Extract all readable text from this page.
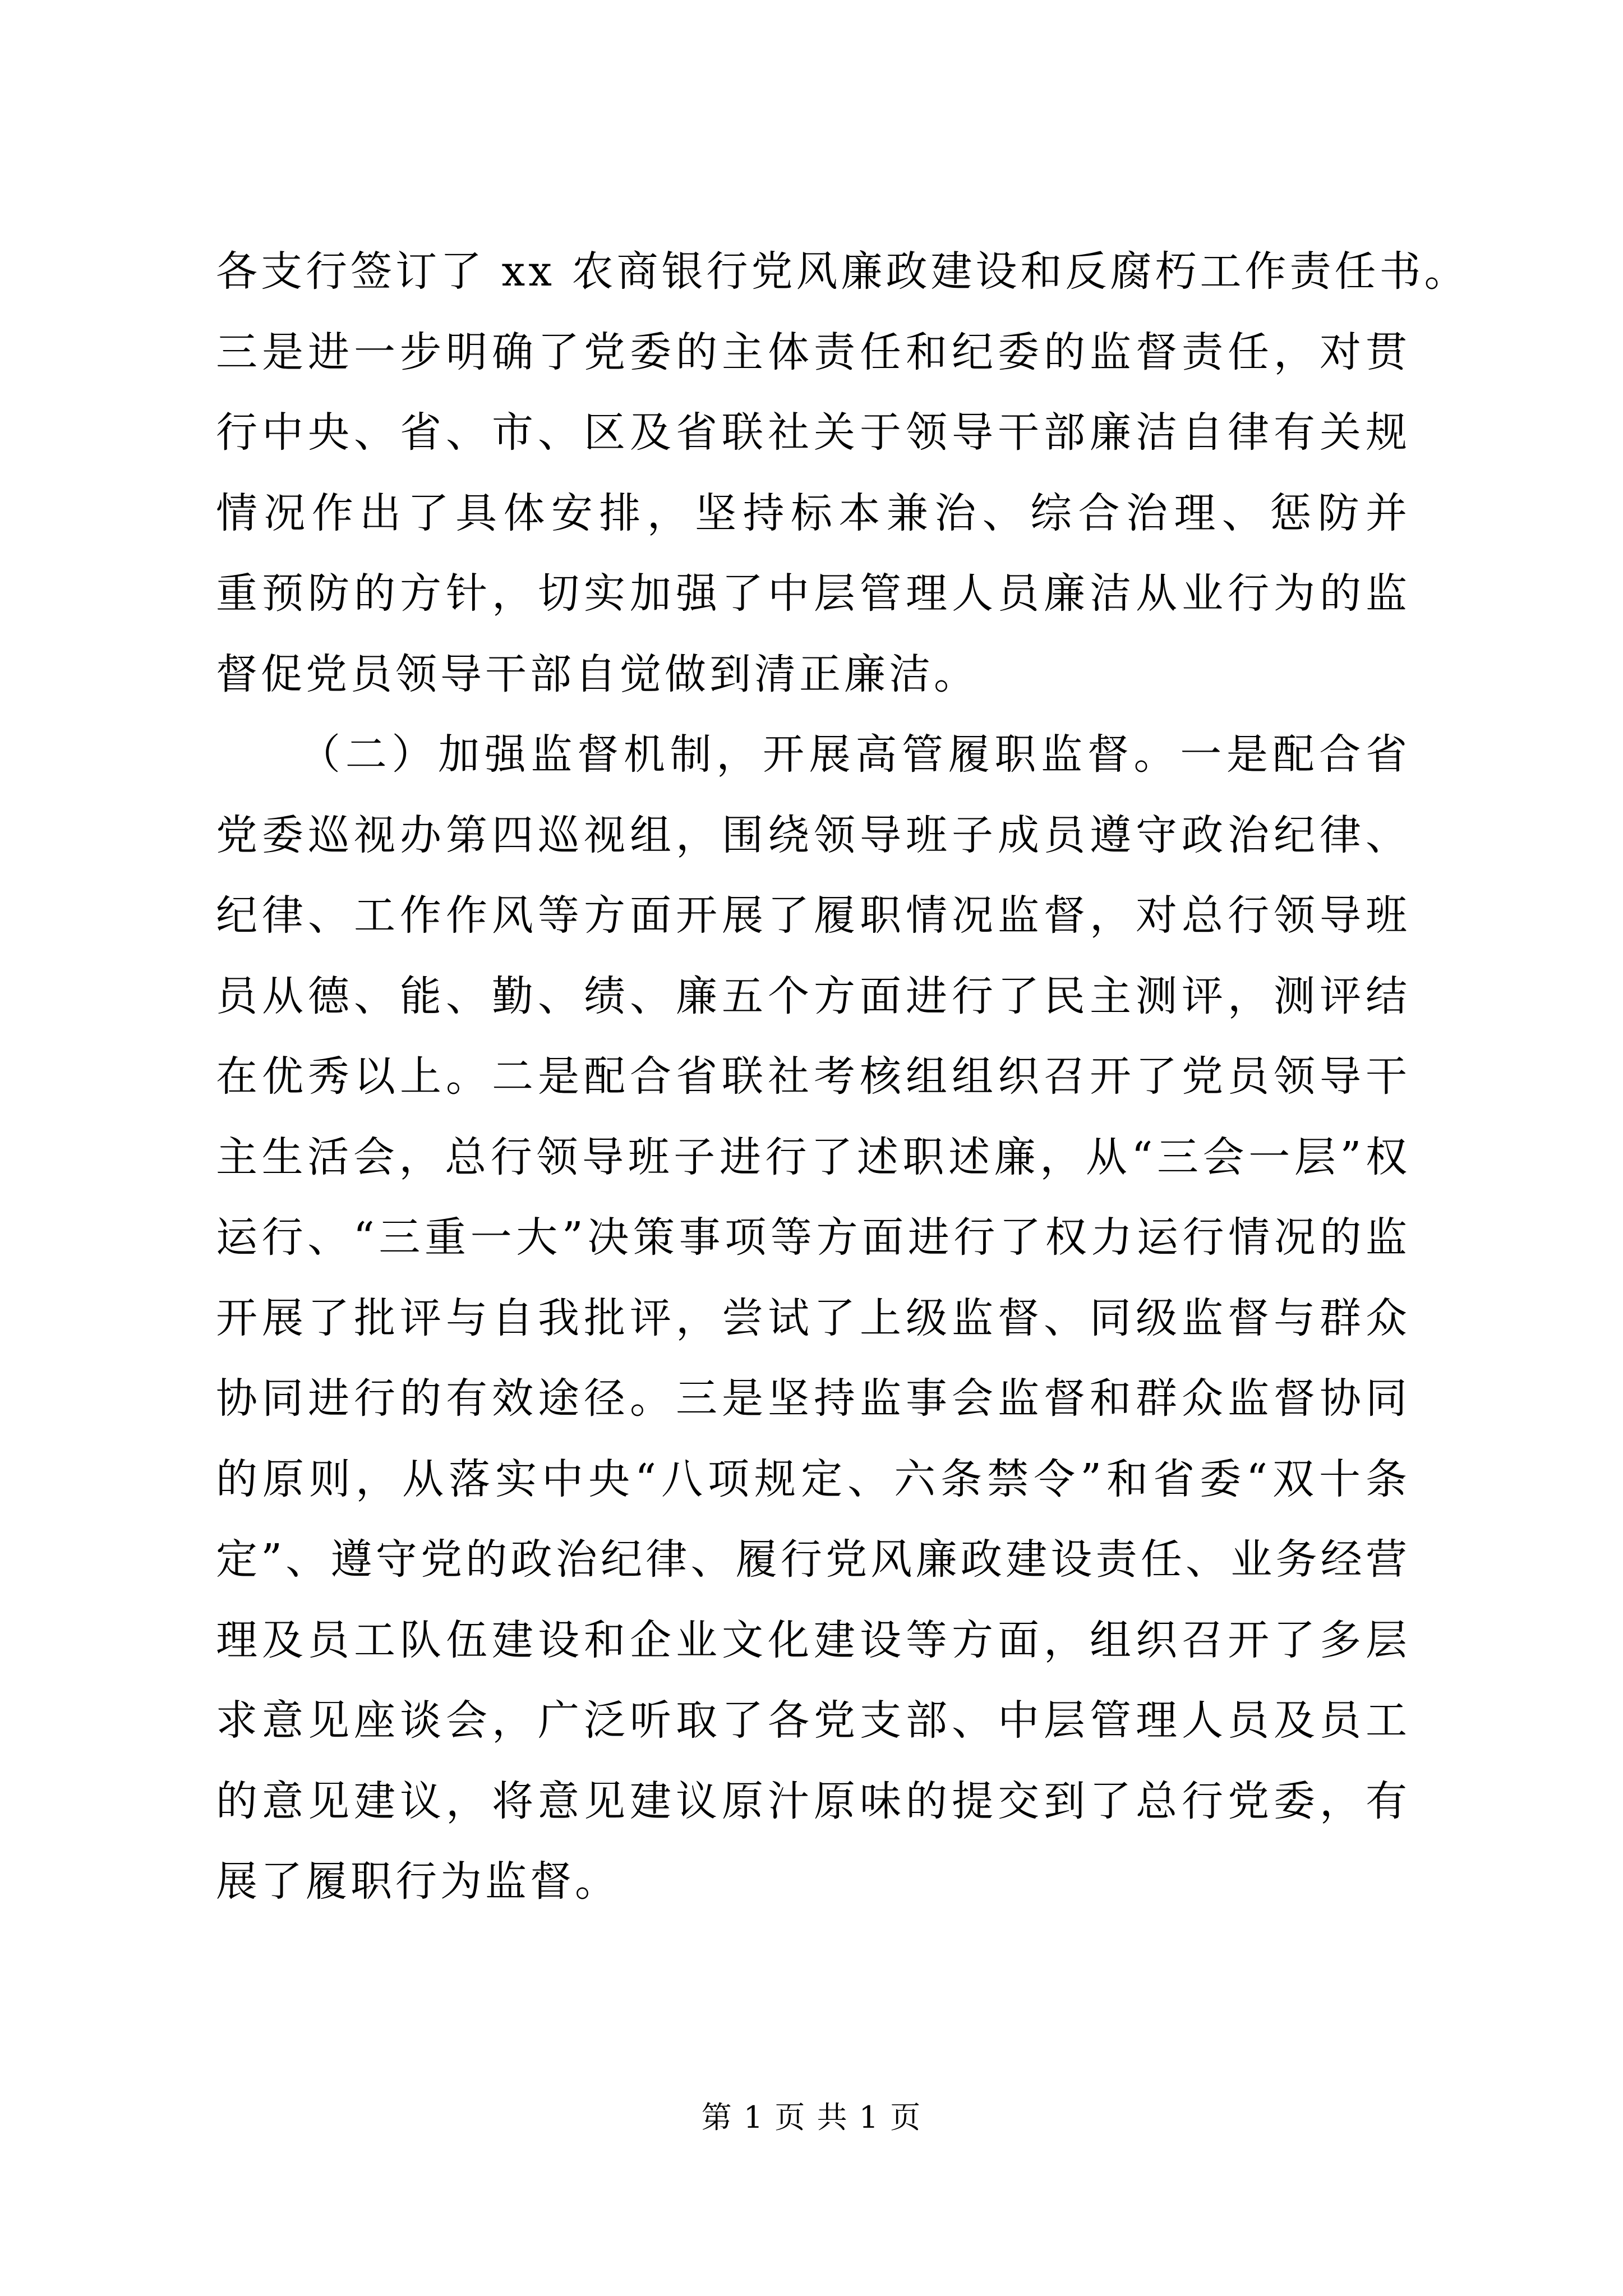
各支行签订了 xx 农商银行党风廉政建设和反腐朽工作责任书。
三是进一步明确了党委的主体责任和纪委的监督责任，对贯
行中央、省、市、区及省联社关于领导干部廉洁自律有关规
情况作出了具体安排，坚持标本兼治、综合治理、惩防并
重预防的方针，切实加强了中层管理人员廉洁从业行为的监
督促党员领导干部自觉做到清正廉洁。
（二）加强监督机制，开展高管履职监督。一是配合省
党委巡视办第四巡视组，围绕领导班子成员遵守政治纪律、
纪律、工作作风等方面开展了履职情况监督，对总行领导班
员从德、能、勤、绩、廉五个方面进行了民主测评，测评结
在优秀以上。二是配合省联社考核组组织召开了党员领导干
主生活会，总行领导班子进行了述职述廉，从“三会一层”权
运行、“三重一大”决策事项等方面进行了权力运行情况的监
开展了批评与自我批评，尝试了上级监督、同级监督与群众
协同进行的有效途径。三是坚持监事会监督和群众监督协同
的原则，从落实中央“八项规定、六条禁令”和省委“双十条
定”、遵守党的政治纪律、履行党风廉政建设责任、业务经营
理及员工队伍建设和企业文化建设等方面，组织召开了多层
求意见座谈会，广泛听取了各党支部、中层管理人员及员工
的意见建议，将意见建议原汁原味的提交到了总行党委，有
展了履职行为监督。
第 1 页 共 1 页
